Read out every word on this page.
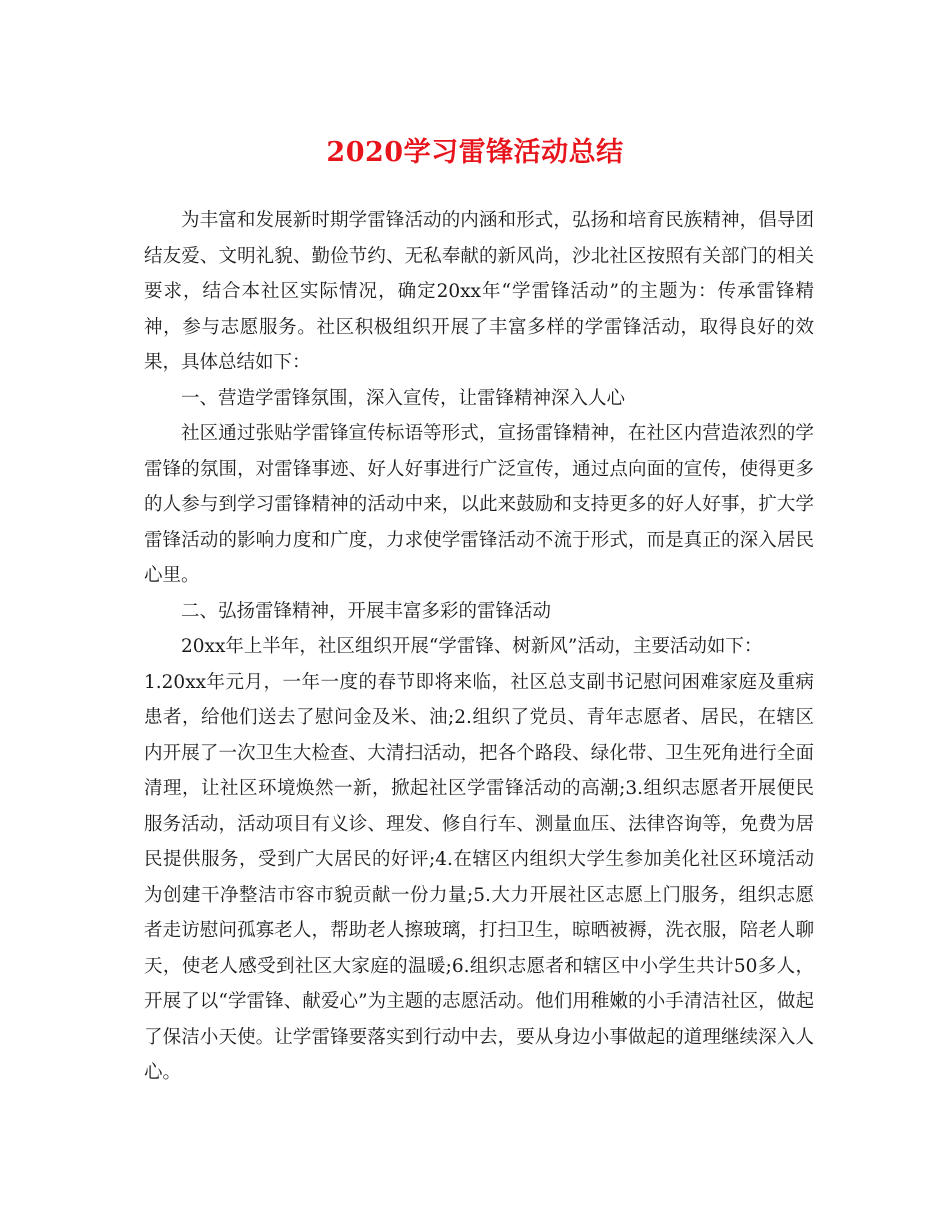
2020学习雷锋活动总结

为丰富和发展新时期学雷锋活动的内涵和形式，弘扬和培育民族精神，倡导团结友爱、文明礼貌、勤俭节约、无私奉献的新风尚，沙北社区按照有关部门的相关要求，结合本社区实际情况，确定20xx年“学雷锋活动”的主题为：传承雷锋精神，参与志愿服务。社区积极组织开展了丰富多样的学雷锋活动，取得良好的效果，具体总结如下：

一、营造学雷锋氛围，深入宣传，让雷锋精神深入人心

社区通过张贴学雷锋宣传标语等形式，宣扬雷锋精神，在社区内营造浓烈的学雷锋的氛围，对雷锋事迹、好人好事进行广泛宣传，通过点向面的宣传，使得更多的人参与到学习雷锋精神的活动中来，以此来鼓励和支持更多的好人好事，扩大学雷锋活动的影响力度和广度，力求使学雷锋活动不流于形式，而是真正的深入居民心里。

二、弘扬雷锋精神，开展丰富多彩的雷锋活动

20xx年上半年，社区组织开展“学雷锋、树新风”活动，主要活动如下：

1.20xx年元月，一年一度的春节即将来临，社区总支副书记慰问困难家庭及重病患者，给他们送去了慰问金及米、油;2.组织了党员、青年志愿者、居民，在辖区内开展了一次卫生大检查、大清扫活动，把各个路段、绿化带、卫生死角进行全面清理，让社区环境焕然一新，掀起社区学雷锋活动的高潮;3.组织志愿者开展便民服务活动，活动项目有义诊、理发、修自行车、测量血压、法律咨询等，免费为居民提供服务，受到广大居民的好评;4.在辖区内组织大学生参加美化社区环境活动为创建干净整洁市容市貌贡献一份力量;5.大力开展社区志愿上门服务，组织志愿者走访慰问孤寡老人，帮助老人擦玻璃，打扫卫生，晾晒被褥，洗衣服，陪老人聊天，使老人感受到社区大家庭的温暖;6.组织志愿者和辖区中小学生共计50多人，开展了以“学雷锋、献爱心”为主题的志愿活动。他们用稚嫩的小手清洁社区，做起了保洁小天使。让学雷锋要落实到行动中去，要从身边小事做起的道理继续深入人心。
